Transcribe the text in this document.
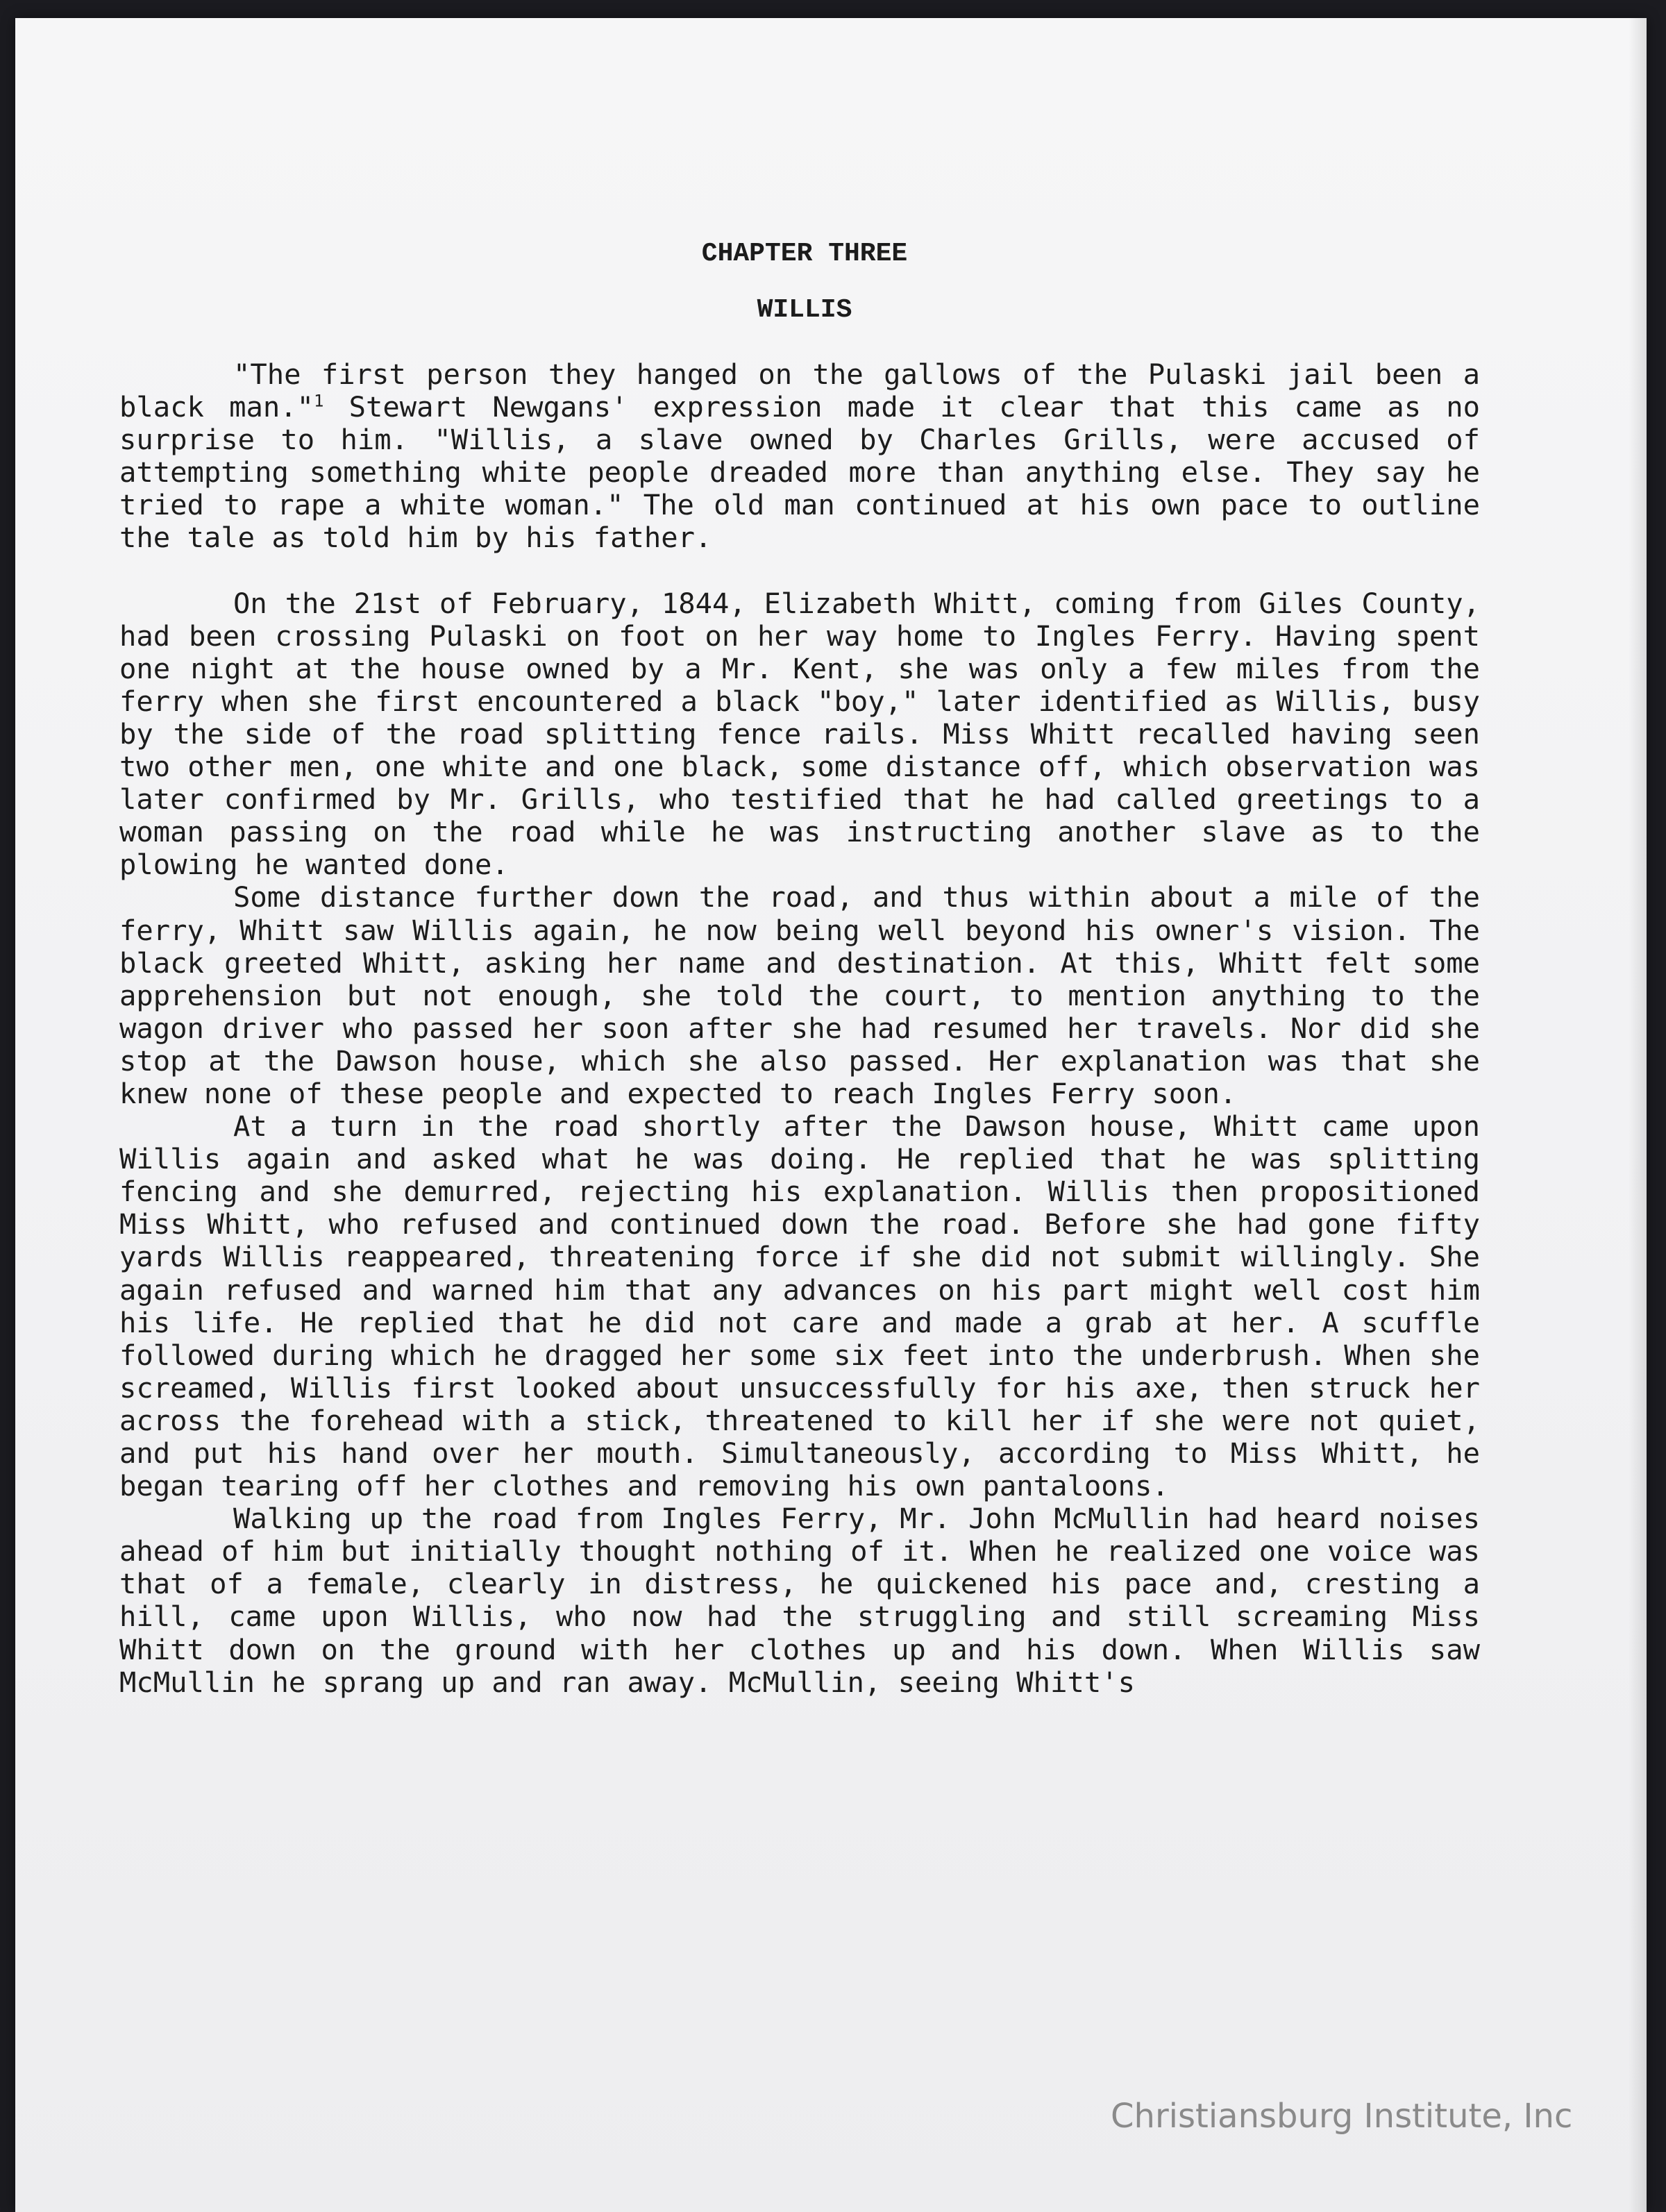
CHAPTER THREE
WILLIS

"The first person they hanged on the gallows of the Pulaski jail been a black man."$^1$ Stewart Newgans' expression made it clear that this came as no surprise to him. "Willis, a slave owned by Charles Grills, were accused of attempting something white people dreaded more than anything else. They say he tried to rape a white woman." The old man continued at his own pace to outline the tale as told him by his father.

On the 21st of February, 1844, Elizabeth Whitt, coming from Giles County, had been crossing Pulaski on foot on her way home to Ingles Ferry. Having spent one night at the house owned by a Mr. Kent, she was only a few miles from the ferry when she first encountered a black "boy," later identified as Willis, busy by the side of the road splitting fence rails. Miss Whitt recalled having seen two other men, one white and one black, some distance off, which observation was later confirmed by Mr. Grills, who testified that he had called greetings to a woman passing on the road while he was instructing another slave as to the plowing he wanted done.

Some distance further down the road, and thus within about a mile of the ferry, Whitt saw Willis again, he now being well beyond his owner's vision. The black greeted Whitt, asking her name and destination. At this, Whitt felt some apprehension but not enough, she told the court, to mention anything to the wagon driver who passed her soon after she had resumed her travels. Nor did she stop at the Dawson house, which she also passed. Her explanation was that she knew none of these people and expected to reach Ingles Ferry soon.

At a turn in the road shortly after the Dawson house, Whitt came upon Willis again and asked what he was doing. He replied that he was splitting fencing and she demurred, rejecting his explanation. Willis then propositioned Miss Whitt, who refused and continued down the road. Before she had gone fifty yards Willis reappeared, threatening force if she did not submit willingly. She again refused and warned him that any advances on his part might well cost him his life. He replied that he did not care and made a grab at her. A scuffle followed during which he dragged her some six feet into the underbrush. When she screamed, Willis first looked about unsuccessfully for his axe, then struck her across the forehead with a stick, threatened to kill her if she were not quiet, and put his hand over her mouth. Simultaneously, according to Miss Whitt, he began tearing off her clothes and removing his own pantaloons.

Walking up the road from Ingles Ferry, Mr. John McMullin had heard noises ahead of him but initially thought nothing of it. When he realized one voice was that of a female, clearly in distress, he quickened his pace and, cresting a hill, came upon Willis, who now had the struggling and still screaming Miss Whitt down on the ground with her clothes up and his down. When Willis saw McMullin he sprang up and ran away. McMullin, seeing Whitt's

Christiansburg Institute, Inc
